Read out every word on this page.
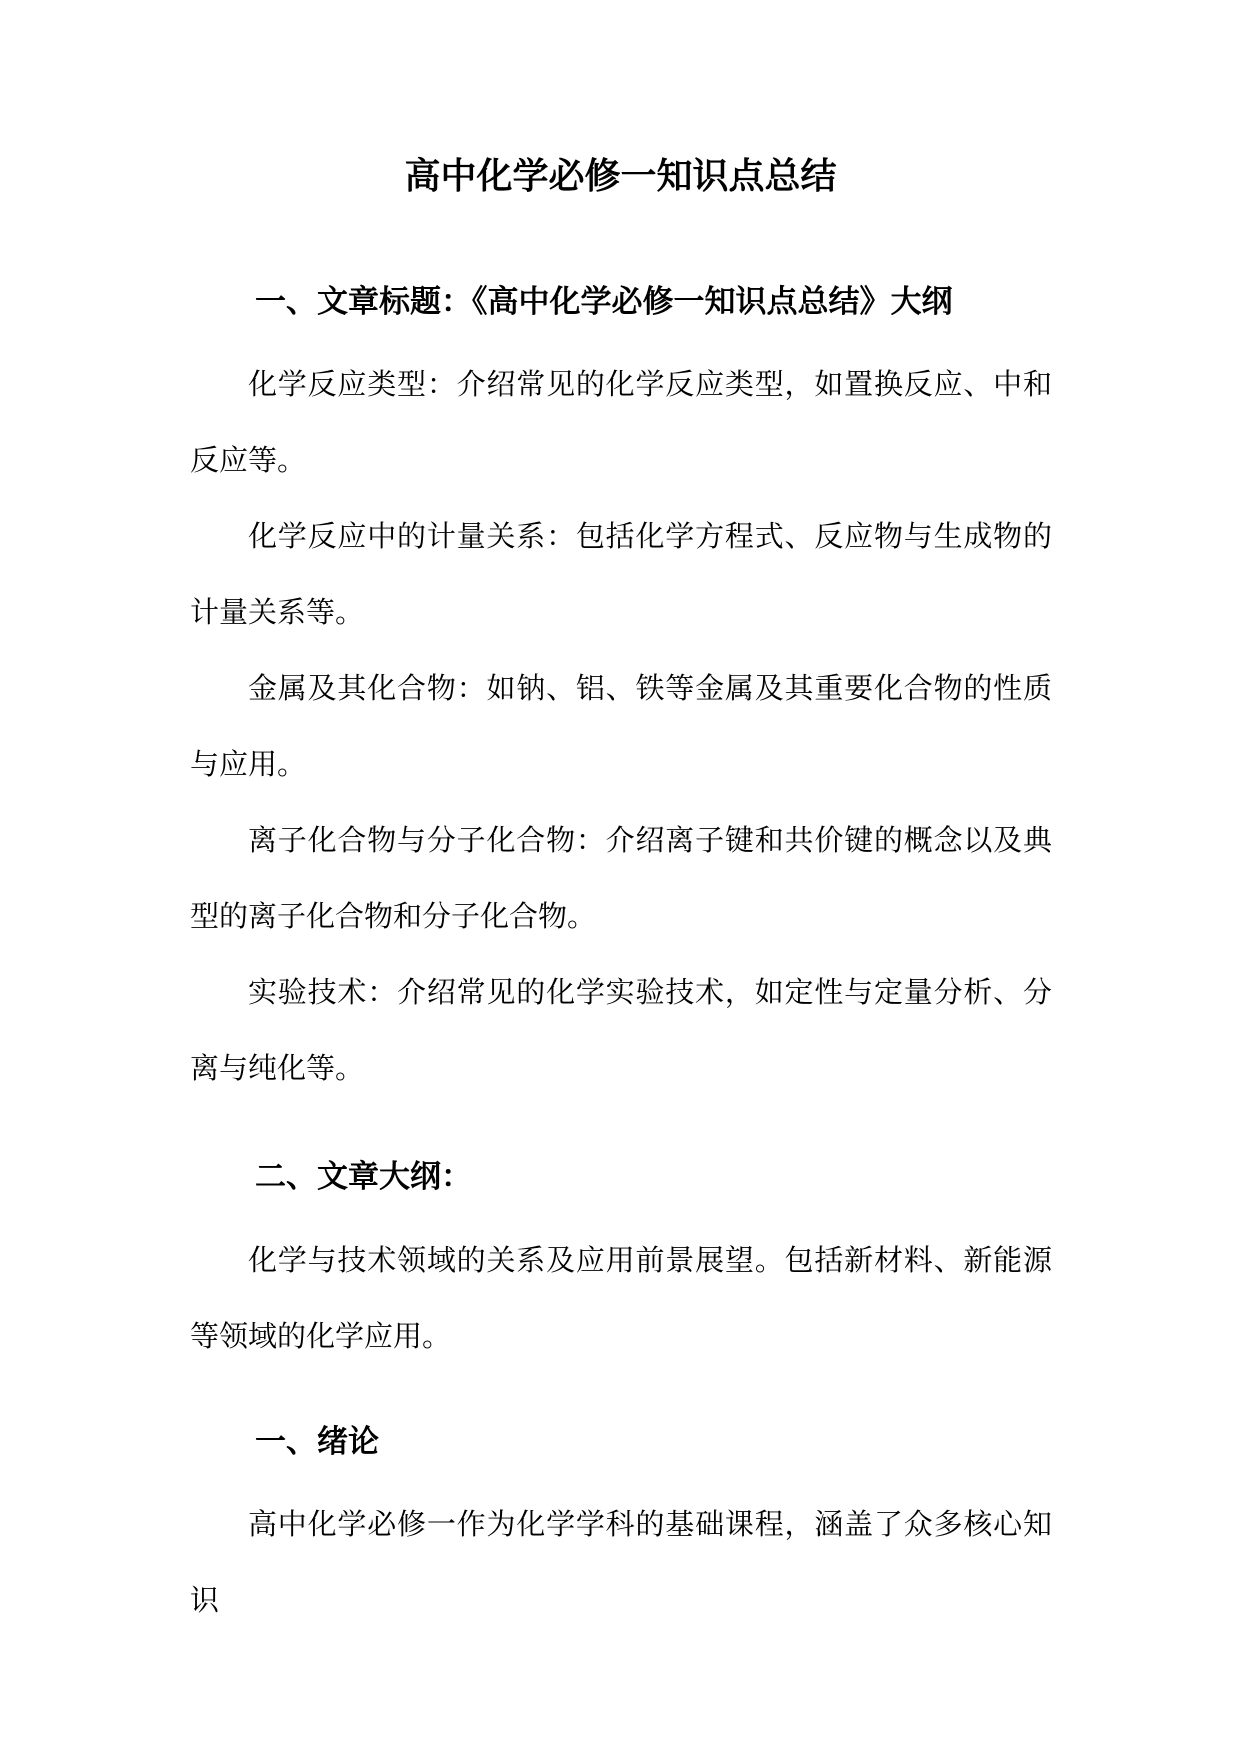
高中化学必修一知识点总结
一、文章标题：《高中化学必修一知识点总结》大纲

化学反应类型：介绍常见的化学反应类型，如置换反应、中和反应等。

化学反应中的计量关系：包括化学方程式、反应物与生成物的计量关系等。

金属及其化合物：如钠、铝、铁等金属及其重要化合物的性质与应用。

离子化合物与分子化合物：介绍离子键和共价键的概念以及典型的离子化合物和分子化合物。

实验技术：介绍常见的化学实验技术，如定性与定量分析、分离与纯化等。

二、文章大纲：

化学与技术领域的关系及应用前景展望。包括新材料、新能源等领域的化学应用。

一、绪论

高中化学必修一作为化学学科的基础课程，涵盖了众多核心知识
